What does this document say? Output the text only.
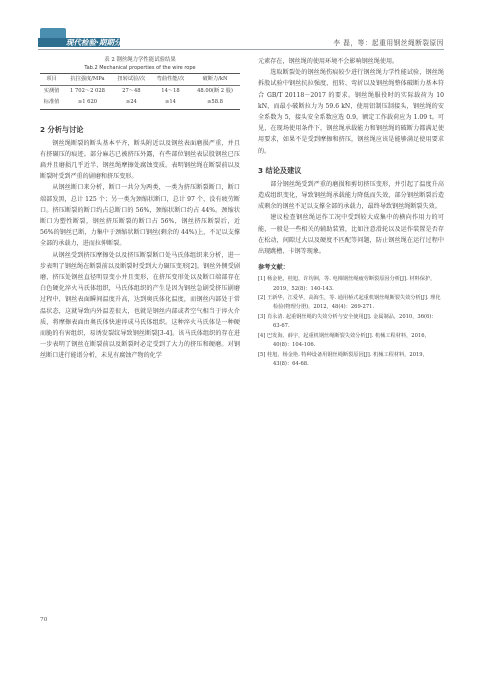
现代检验·期期分册	李 磊，等：起重用钢丝绳断裂原因
表 2 钢丝绳力学性能试验结果
Tab.2 Mechanical properties of the wire rope
项目	抗拉强度/MPa	扭转试验/次	弯曲性能/次	破断力/kN
实测值	1 702～2 028	27～48	14～18	48.00(断 2 股)
标准值	≥1 620	≥24	≥14	≥58.8
2 分析与讨论

钢丝绳断裂的断头基本平齐，断头附近以及钢丝表面磨损严重，并且有挤碾压的痕迹。部分麻芯已被挤压外露，有些部位钢丝表层股钢丝已压扁并且磨损几乎近半，钢丝绳摩擦处腐蚀变质。表明钢丝绳在断裂前以及断裂时受到严重的剧磨和挤压变形。

从钢丝断口来分析，断口一共分为两类，一类为挤压断裂断口，断口端部发黑，总计 125 个；另一类为颈缩状断口，总计 97 个，没有疲劳断口。挤压断裂的断口约占总断口的 56%，颈缩状断口约占 44%。颈缩状断口为塑性断裂，钢丝挤压断裂的断口占 56%，钢丝挤压断裂后，近 56%的钢丝已断，力集中于颈缩状断口钢丝(剩余的 44%)上，不足以支撑全部的承载力，进而拉伸断裂。

从钢丝受到挤压摩擦处以及挤压断裂断口处马氏体组织来分析，进一步表明了钢丝绳在断裂前以及断裂时受到大力碾压变形[2]。钢丝外侧受剧磨、挤压处钢丝直径明显变小并且变形，在挤压变形处以及断口端部存在白色硬化淬火马氏体组织，马氏体组织的产生是因为钢丝急剧受挤压剧磨过程中，钢丝表面瞬间温度升高，达到奥氏体化温度，而钢丝内部处于常温状态，这就导致内外温差很大，也就是钢丝内部或者空气相当于淬火介质，将摩擦表面由奥氏体快速淬成马氏体组织。这种淬火马氏体是一种硬而脆的有害组织，易诱发裂纹导致钢丝断裂[3-4]。该马氏体组织的存在进一步表明了钢丝在断裂前以及断裂时必定受到了大力的挤压和硬磨。对钢丝断口进行能谱分析，未见有腐蚀产物的化学

元素存在，钢丝绳的使用环境不会影响钢丝绳使用。

选取断裂处的钢丝绳伤痕较少进行钢丝绳力学性能试验，钢丝绳拆股试验中钢丝抗拉强度、扭转、弯折以及钢丝绳整体破断力基本符合 GB/T 20118－2017 的要求。钢丝绳服役时的实际载荷为 10 kN，而最小破断拉力为 59.6 kN，使用铝制压制接头，钢丝绳的安全系数为 5，接头安全系数应选 0.9，额定工作载荷应为 1.09 t。可见，在现场使用条件下，钢丝绳承载能力和钢丝绳的破断力都满足使用要求，如果不是受到摩擦和挤压，钢丝绳应该是能够满足使用要求的。

3 结论及建议

部分钢丝绳受到严重的磨损和剪切挤压变形，并引起了温度升高造成组织变化，导致钢丝绳承载能力降低而失效，部分钢丝断裂后造成剩余的钢丝不足以支撑全部的承载力，最终导致钢丝绳断裂失效。

建议检查钢丝绳运作工况中受到较大成集中的横向作用力的可能，一般是一些相关的辅助装置，比如注意滑轮以及运作装置是否存在松动，间隙过大以及硬度不匹配等问题，防止钢丝绳在运行过程中出现跳槽、卡钢等现象。

参考文献：
[1] 杨金艳，桂旭，许均洲，等. 电梯钢丝绳疲劳断裂原因分析[J]. 材料保护，2019，52(8)：140-143.
[2] 王新华，江爱华，高海生，等. 通用桥式起重机钢丝绳断裂失效分析[J]. 理化检验(物理分册)，2012，48(4)：269-271.
[3] 肖永清. 起重钢丝绳的失效分析与安全使用[J]. 金属制品，2010，36(6)：63-67.
[4] 巴发海，薛宇，起重机钢丝绳断裂失效分析[J]. 机械工程材料，2016，40(8)：104-106.
[5] 桂旭，杨金艳. 特种设备用钢丝绳断裂原因[J]. 机械工程材料，2019，43(8)：64-68.
70
